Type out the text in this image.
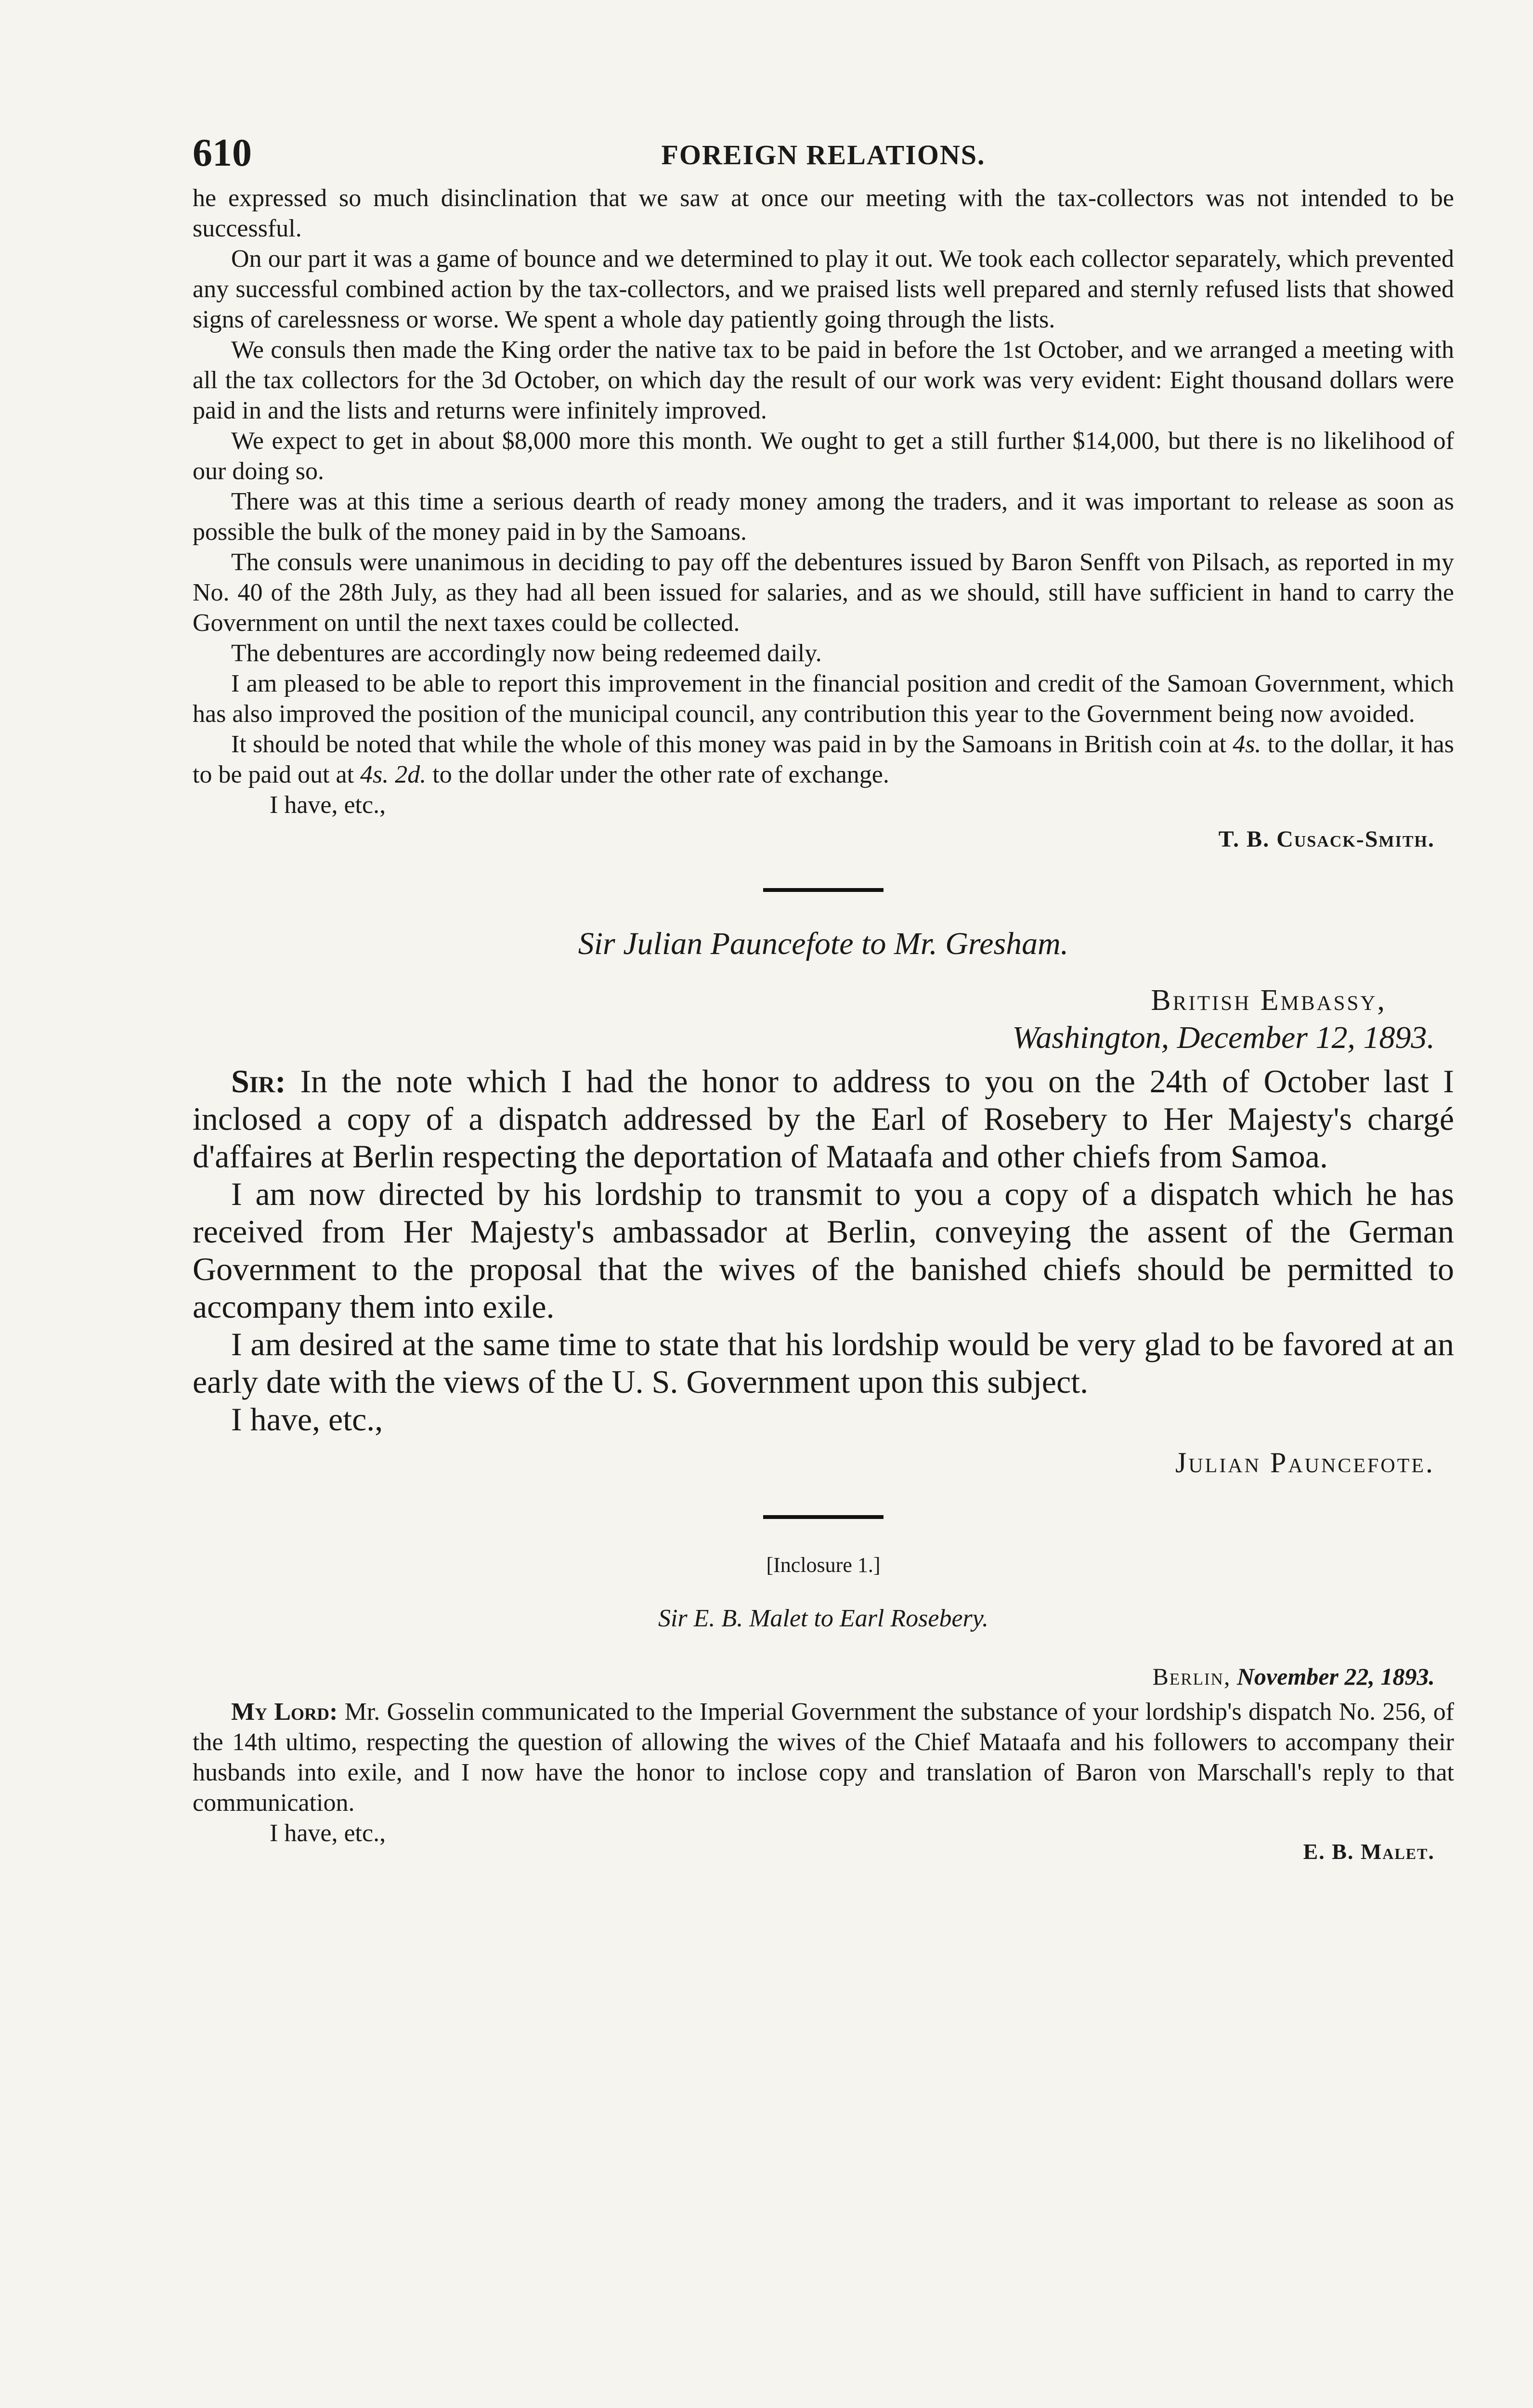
610	FOREIGN RELATIONS.

he expressed so much disinclination that we saw at once our meeting with the tax-collectors was not intended to be successful.

On our part it was a game of bounce and we determined to play it out. We took each collector separately, which prevented any successful combined action by the tax-collectors, and we praised lists well prepared and sternly refused lists that showed signs of carelessness or worse. We spent a whole day patiently going through the lists.

We consuls then made the King order the native tax to be paid in before the 1st October, and we arranged a meeting with all the tax collectors for the 3d October, on which day the result of our work was very evident: Eight thousand dollars were paid in and the lists and returns were infinitely improved.

We expect to get in about $8,000 more this month. We ought to get a still further $14,000, but there is no likelihood of our doing so.

There was at this time a serious dearth of ready money among the traders, and it was important to release as soon as possible the bulk of the money paid in by the Samoans.

The consuls were unanimous in deciding to pay off the debentures issued by Baron Senfft von Pilsach, as reported in my No. 40 of the 28th July, as they had all been issued for salaries, and as we should, still have sufficient in hand to carry the Government on until the next taxes could be collected.

The debentures are accordingly now being redeemed daily.

I am pleased to be able to report this improvement in the financial position and credit of the Samoan Government, which has also improved the position of the municipal council, any contribution this year to the Government being now avoided.

It should be noted that while the whole of this money was paid in by the Samoans in British coin at 4s. to the dollar, it has to be paid out at 4s. 2d. to the dollar under the other rate of exchange.

I have, etc.,
T. B. Cusack-Smith.
Sir Julian Pauncefote to Mr. Gresham.
British Embassy,
Washington, December 12, 1893.

Sir: In the note which I had the honor to address to you on the 24th of October last I inclosed a copy of a dispatch addressed by the Earl of Rosebery to Her Majesty's chargé d'affaires at Berlin respecting the deportation of Mataafa and other chiefs from Samoa.

I am now directed by his lordship to transmit to you a copy of a dispatch which he has received from Her Majesty's ambassador at Berlin, conveying the assent of the German Government to the proposal that the wives of the banished chiefs should be permitted to accompany them into exile.

I am desired at the same time to state that his lordship would be very glad to be favored at an early date with the views of the U. S. Government upon this subject.

I have, etc.,
Julian Pauncefote.
[Inclosure 1.]
Sir E. B. Malet to Earl Rosebery.
Berlin, November 22, 1893.

My Lord: Mr. Gosselin communicated to the Imperial Government the substance of your lordship's dispatch No. 256, of the 14th ultimo, respecting the question of allowing the wives of the Chief Mataafa and his followers to accompany their husbands into exile, and I now have the honor to inclose copy and translation of Baron von Marschall's reply to that communication.

I have, etc.,
E. B. Malet.
